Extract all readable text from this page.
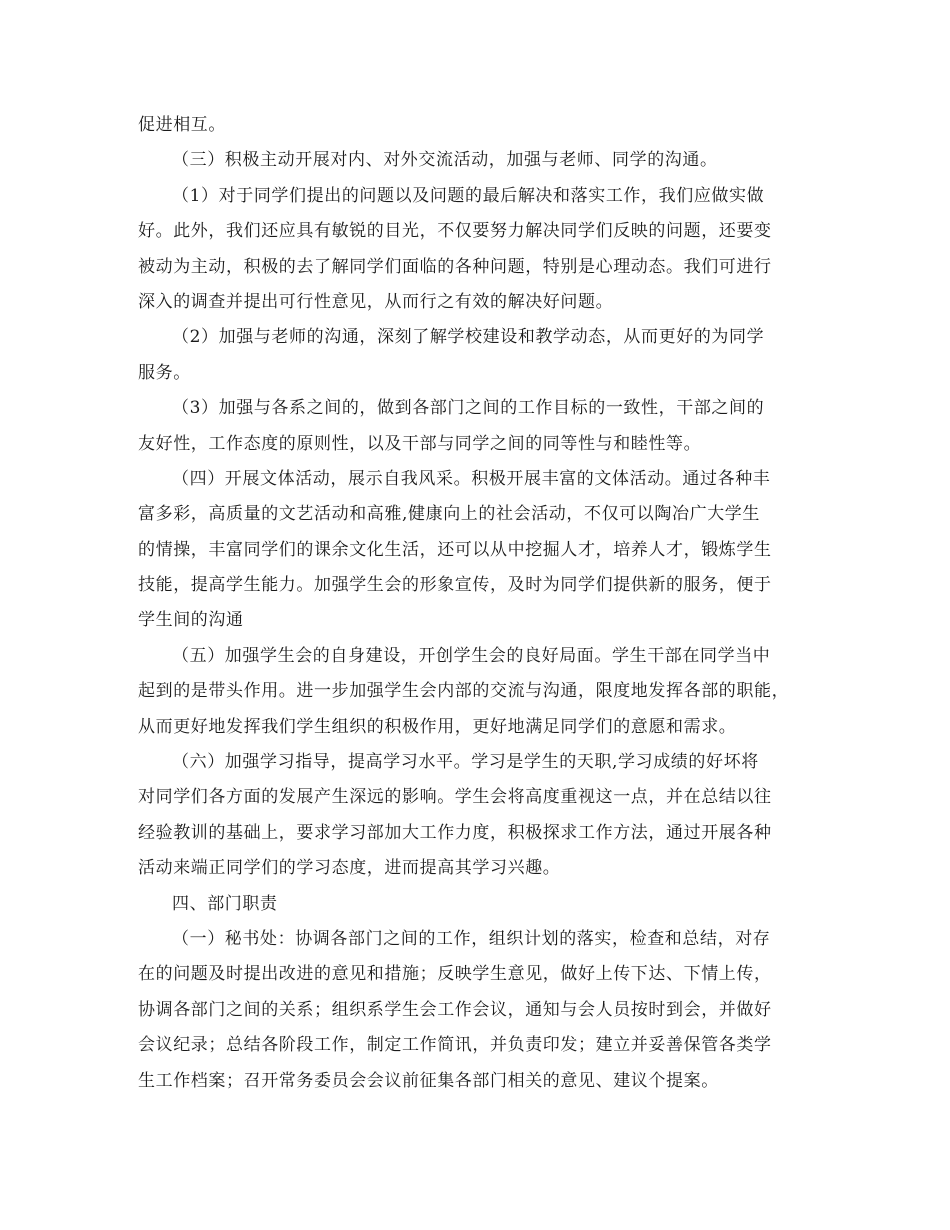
促进相互。
（三）积极主动开展对内、对外交流活动，加强与老师、同学的沟通。
（1）对于同学们提出的问题以及问题的最后解决和落实工作，我们应做实做
好。此外，我们还应具有敏锐的目光，不仅要努力解决同学们反映的问题，还要变
被动为主动，积极的去了解同学们面临的各种问题，特别是心理动态。我们可进行
深入的调查并提出可行性意见，从而行之有效的解决好问题。
（2）加强与老师的沟通，深刻了解学校建设和教学动态，从而更好的为同学
服务。
（3）加强与各系之间的，做到各部门之间的工作目标的一致性，干部之间的
友好性，工作态度的原则性，以及干部与同学之间的同等性与和睦性等。
（四）开展文体活动，展示自我风采。积极开展丰富的文体活动。通过各种丰
富多彩，高质量的文艺活动和高雅,健康向上的社会活动，不仅可以陶冶广大学生
的情操，丰富同学们的课余文化生活，还可以从中挖掘人才，培养人才，锻炼学生
技能，提高学生能力。加强学生会的形象宣传，及时为同学们提供新的服务，便于
学生间的沟通
（五）加强学生会的自身建设，开创学生会的良好局面。学生干部在同学当中
起到的是带头作用。进一步加强学生会内部的交流与沟通，限度地发挥各部的职能，
从而更好地发挥我们学生组织的积极作用，更好地满足同学们的意愿和需求。
（六）加强学习指导，提高学习水平。学习是学生的天职,学习成绩的好坏将
对同学们各方面的发展产生深远的影响。学生会将高度重视这一点，并在总结以往
经验教训的基础上，要求学习部加大工作力度，积极探求工作方法，通过开展各种
活动来端正同学们的学习态度，进而提高其学习兴趣。
四、部门职责
（一）秘书处：协调各部门之间的工作，组织计划的落实，检查和总结，对存
在的问题及时提出改进的意见和措施；反映学生意见，做好上传下达、下情上传，
协调各部门之间的关系；组织系学生会工作会议，通知与会人员按时到会，并做好
会议纪录；总结各阶段工作，制定工作简讯，并负责印发；建立并妥善保管各类学
生工作档案；召开常务委员会会议前征集各部门相关的意见、建议个提案。
